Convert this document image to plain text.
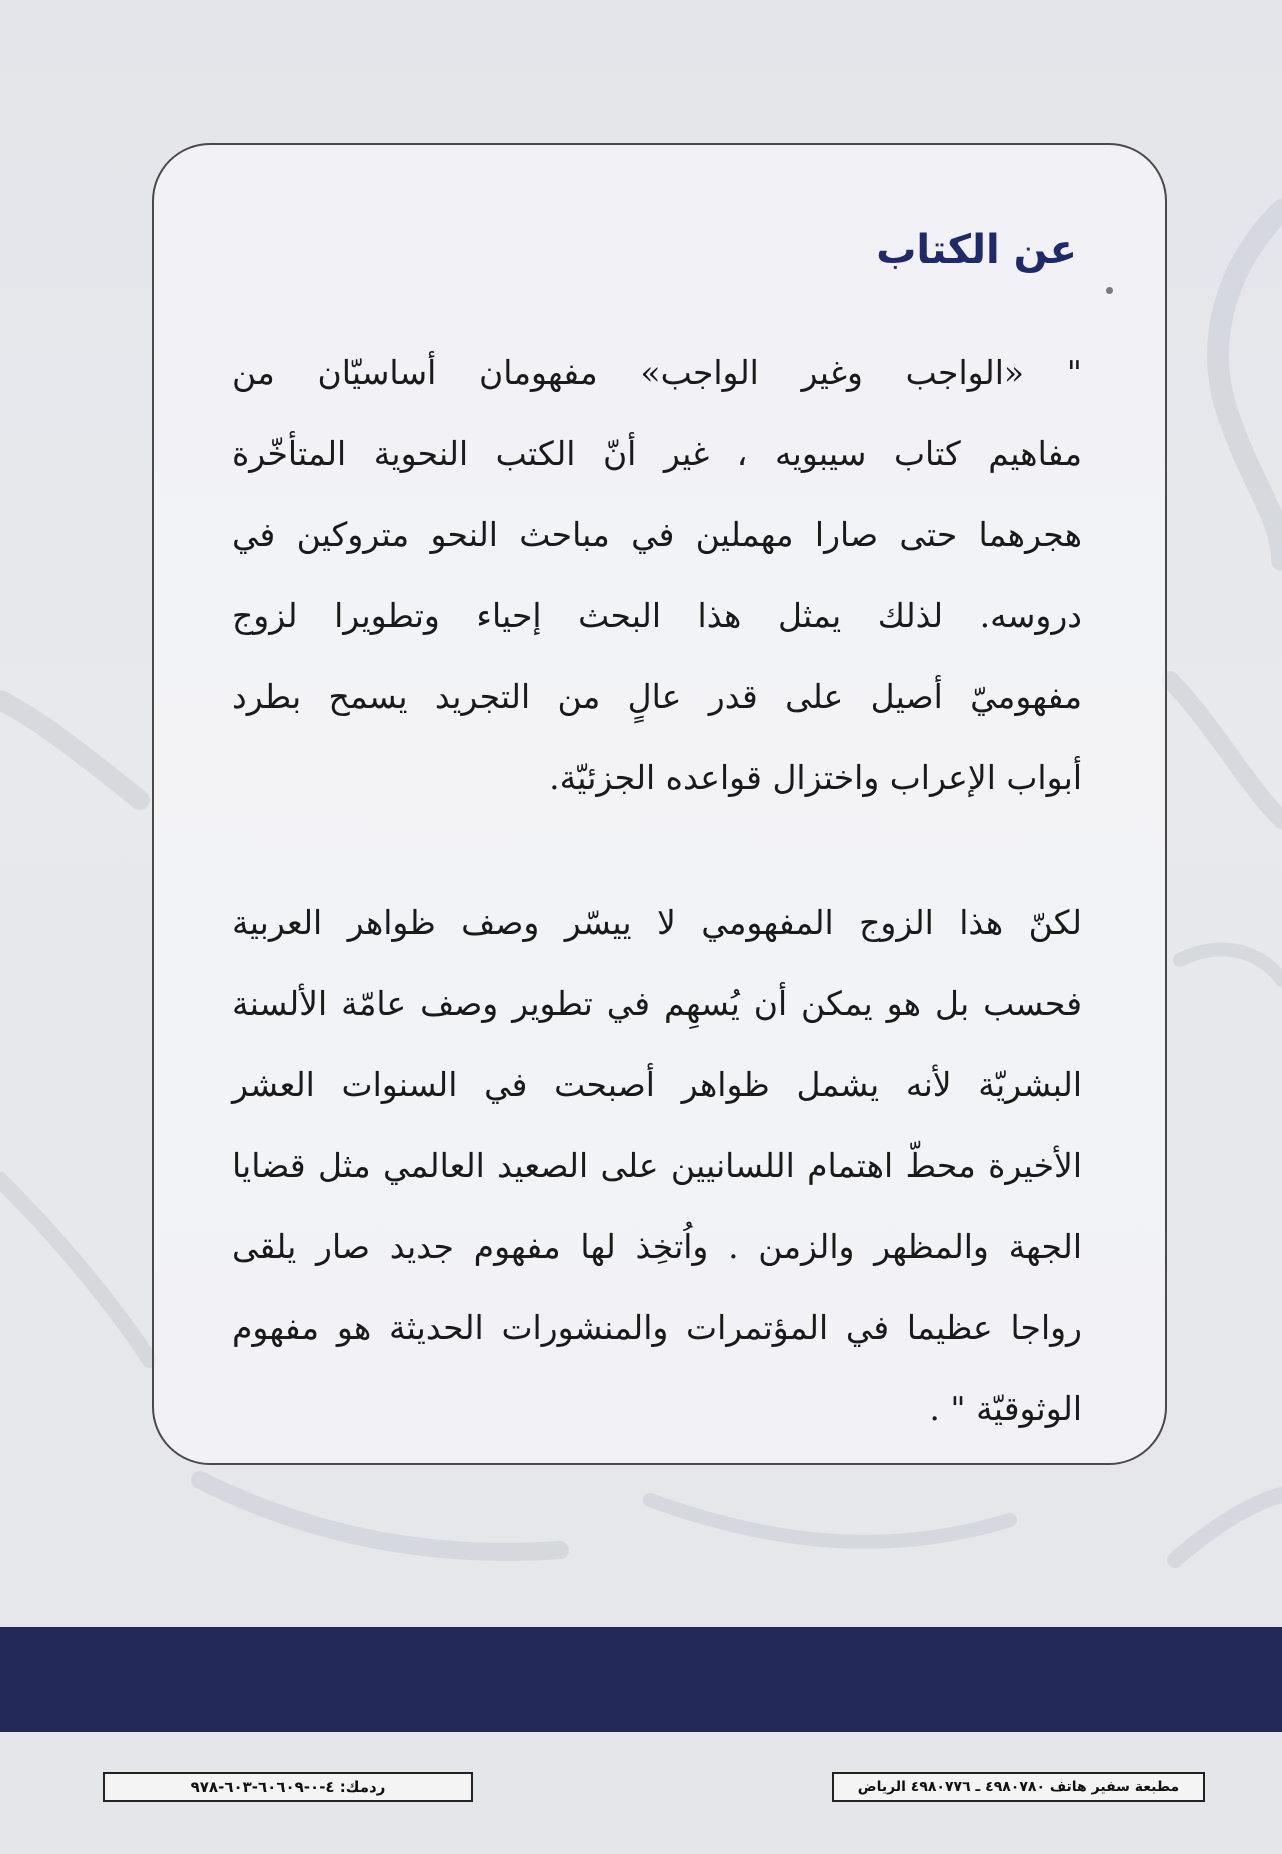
عن الكتاب
" «الواجب وغير الواجب» مفهومان أساسيّان من
مفاهيم كتاب سيبويه ، غير أنّ الكتب النحوية المتأخّرة
هجرهما حتى صارا مهملين في مباحث النحو متروكين في
دروسه. لذلك يمثل هذا البحث إحياء وتطويرا لزوج
مفهوميّ أصيل على قدر عالٍ من التجريد يسمح بطرد
أبواب الإعراب واختزال قواعده الجزئيّة.
لكنّ هذا الزوج المفهومي لا ييسّر وصف ظواهر العربية
فحسب بل هو يمكن أن يُسهِم في تطوير وصف عامّة الألسنة
البشريّة لأنه يشمل ظواهر أصبحت في السنوات العشر
الأخيرة محطّ اهتمام اللسانيين على الصعيد العالمي مثل قضايا
الجهة والمظهر والزمن . واُتخِذ لها مفهوم جديد صار يلقى
رواجا عظيما في المؤتمرات والمنشورات الحديثة هو مفهوم
الوثوقيّة " .
ردمك: ٤-٠-٦٠٦٠٩-٦٠٣-٩٧٨	مطبعة سفير هاتف ٤٩٨٠٧٨٠ ـ ٤٩٨٠٧٧٦ الرياض
